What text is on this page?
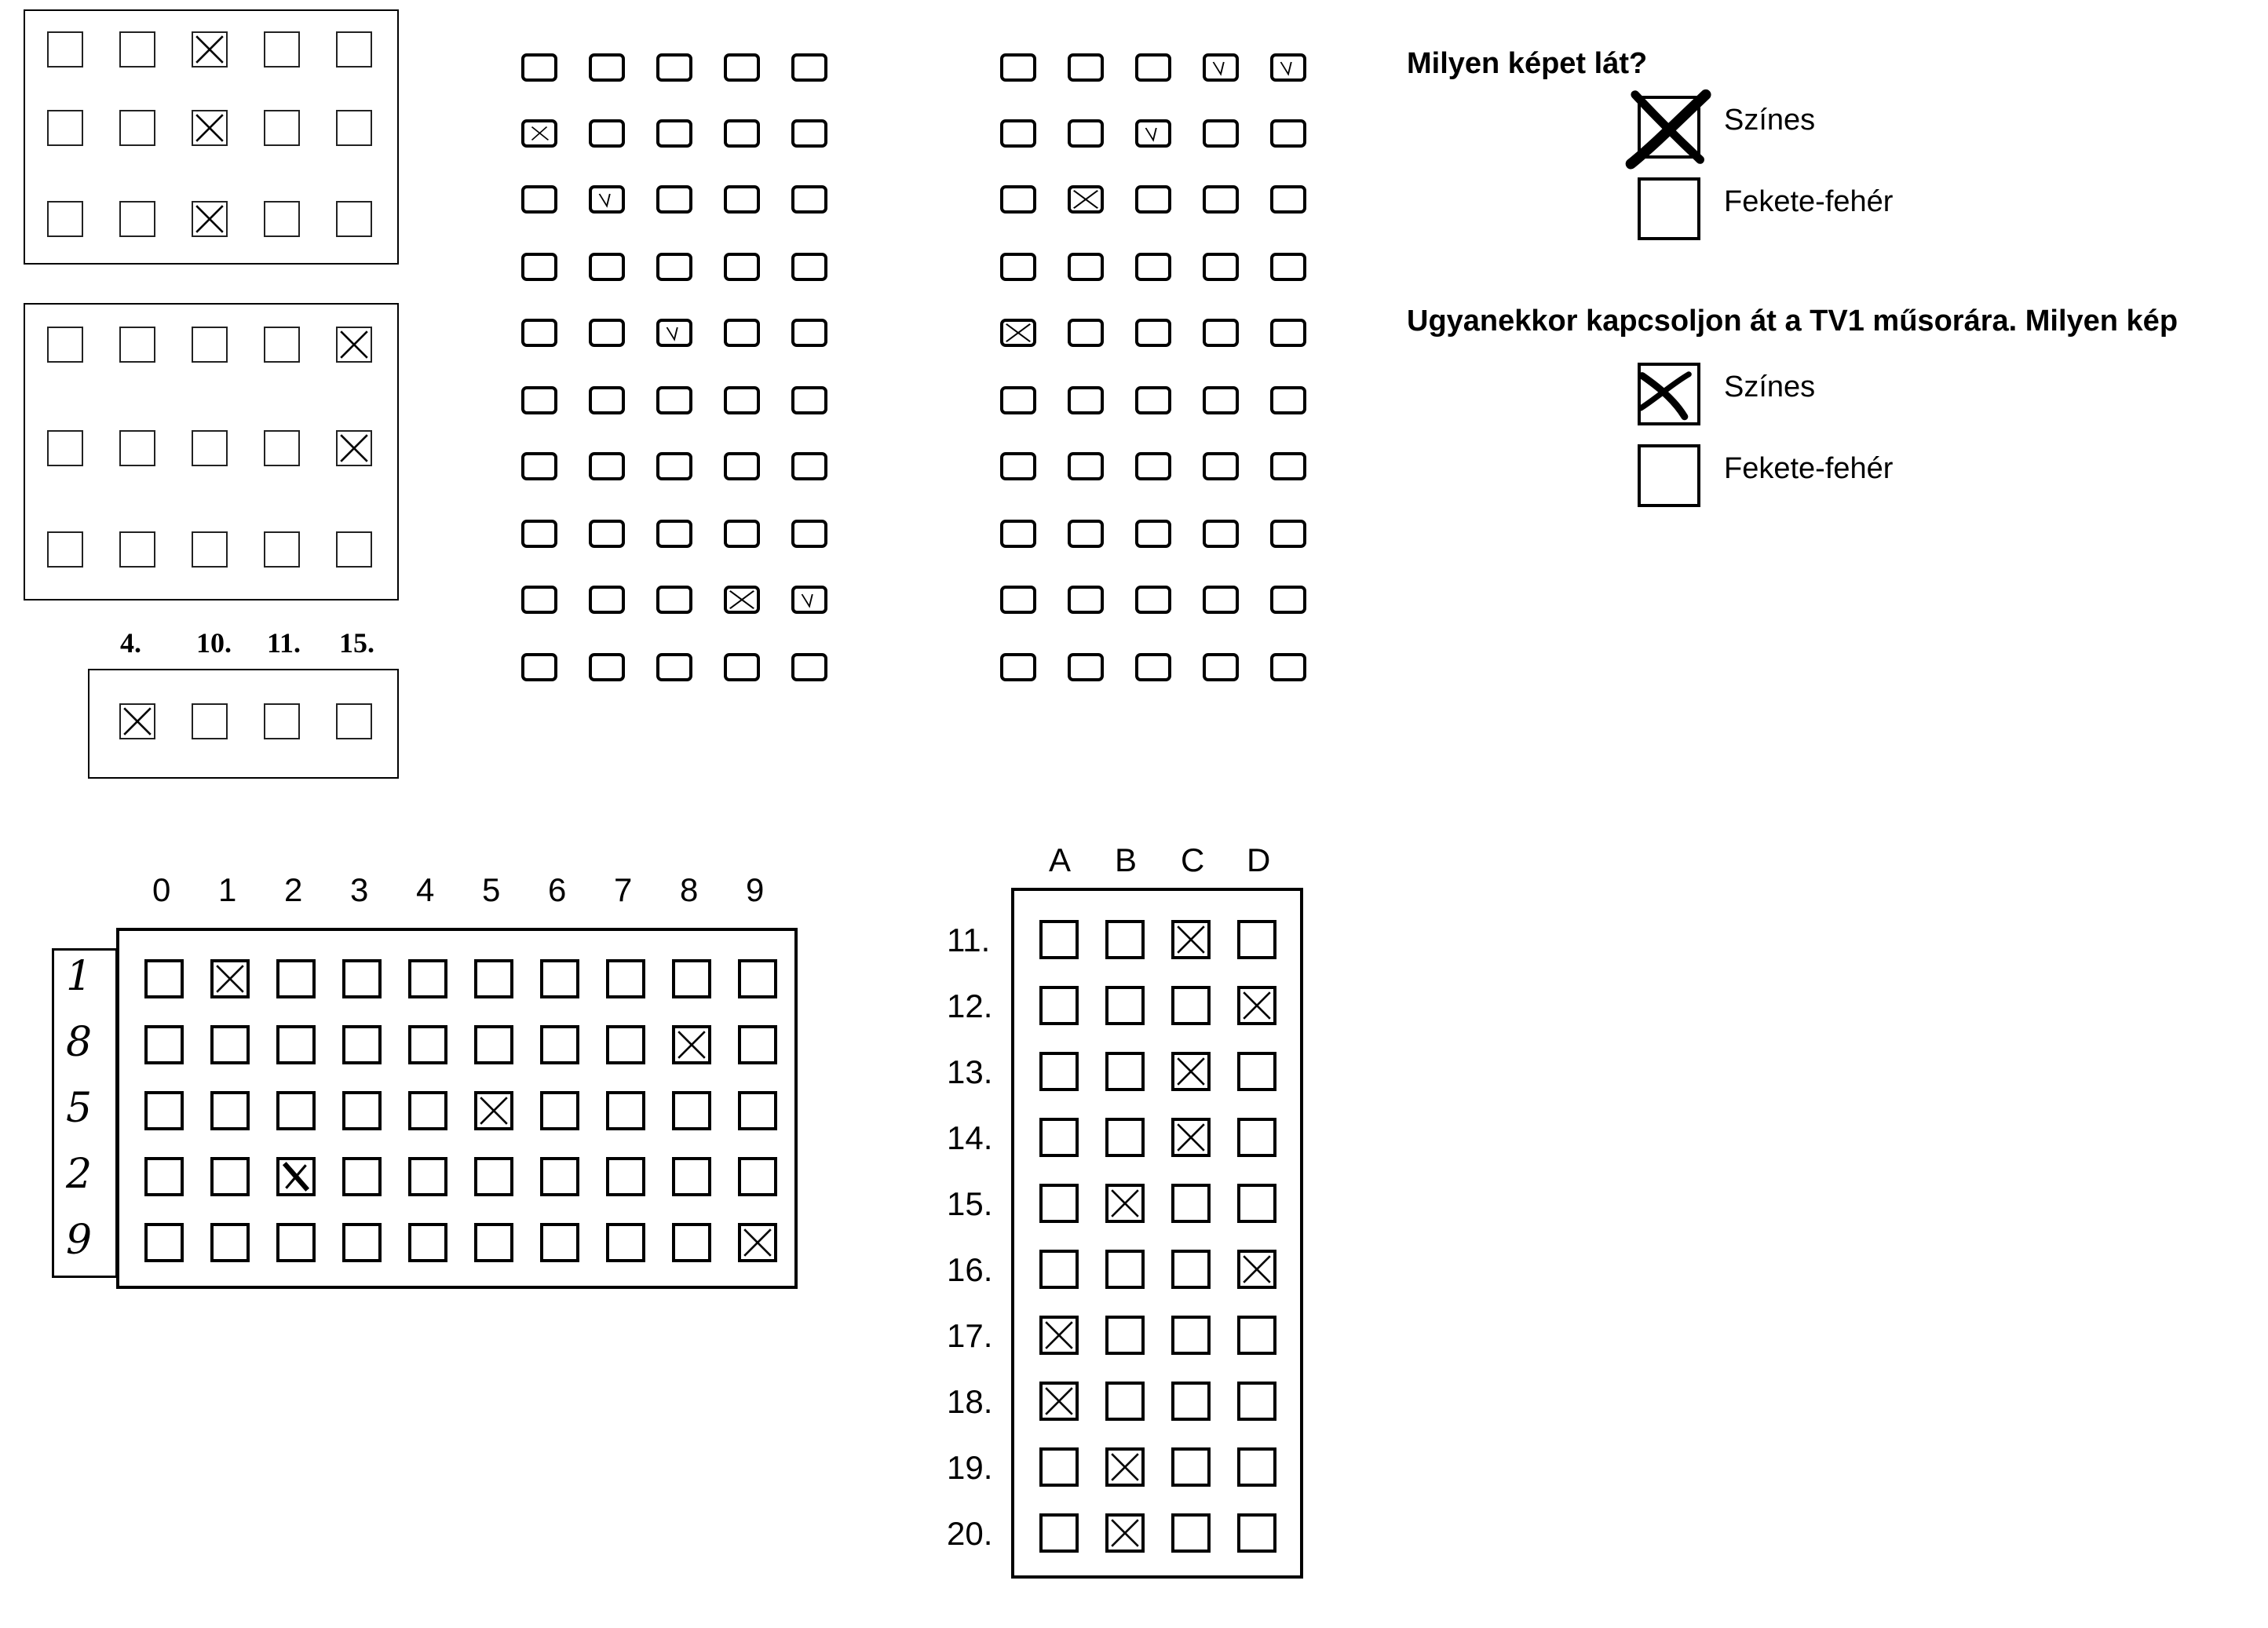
4. 10. 11. 15.
Milyen képet lát?
Színes
Fekete-fehér
Ugyanekkor kapcsoljon át a TV1 műsorára. Milyen kép
Színes
Fekete-fehér
0 1 2 3 4 5 6 7 8 9
1
8
5
2
9
A B C D
11.
12.
13.
14.
15.
16.
17.
18.
19.
20.
